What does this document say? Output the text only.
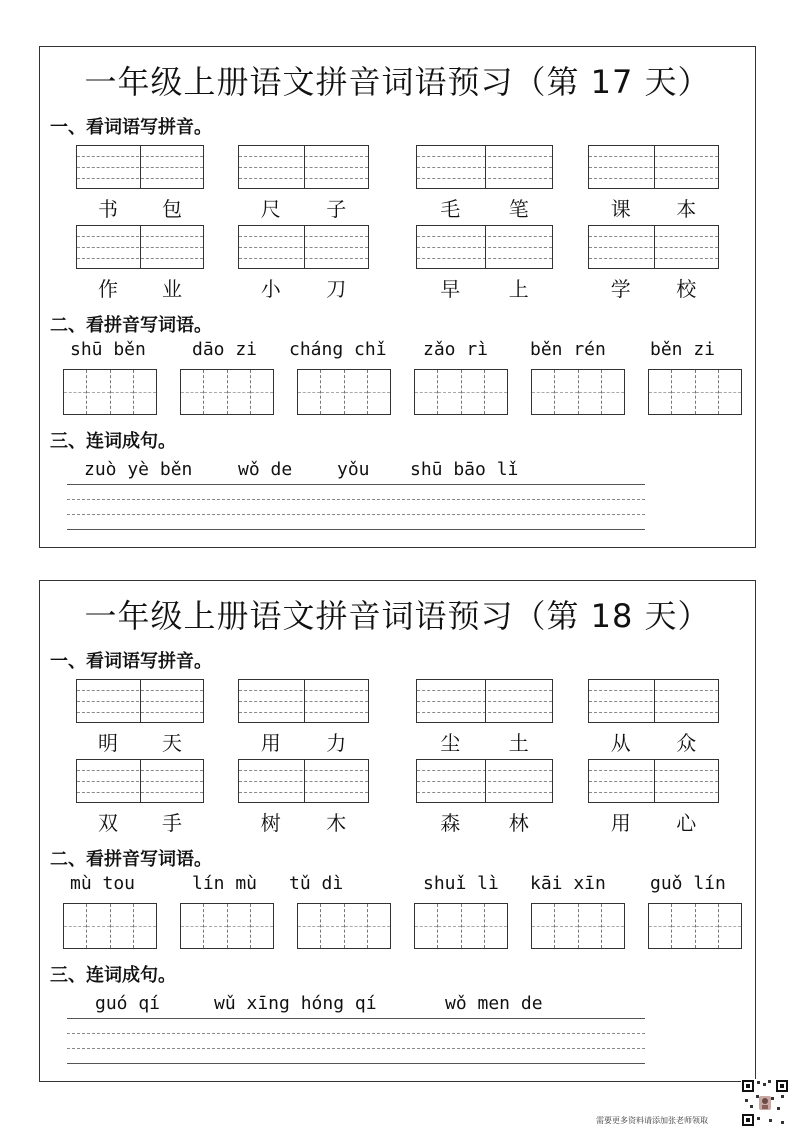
一年级上册语文拼音词语预习（第 17 天）
一、看词语写拼音。
书 包	尺 子	毛 笔	课 本
作 业	小 刀	早 上	学 校
二、看拼音写词语。
shū běn	dāo zi cháng chǐ zǎo rì běn rén běn zi
三、连词成句。
zuò yè běn	wǒ de yǒu shū bāo lǐ
一年级上册语文拼音词语预习（第 18 天）
一、看词语写拼音。
明 天	用 力	尘 土	从 众
双 手	树 木	森 林	用 心
二、看拼音写词语。
mù tou	lín mù tǔ dì	shuǐ lì kāi xīn guǒ lín
三、连词成句。
guó qí	wǔ xīng hóng qí	wǒ men de
需要更多资料请添加张老师领取
